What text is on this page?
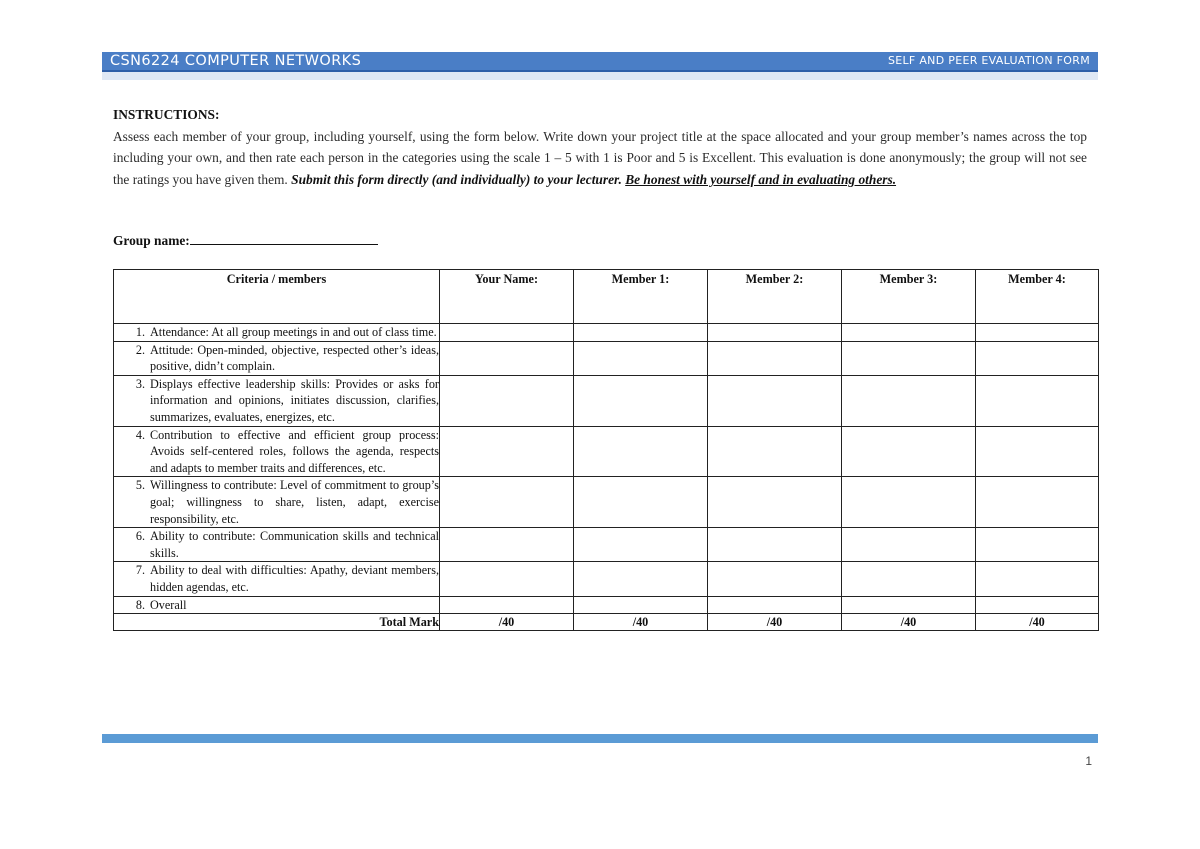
CSN6224 COMPUTER NETWORKS	SELF AND PEER EVALUATION FORM
INSTRUCTIONS:
Assess each member of your group, including yourself, using the form below. Write down your project title at the space allocated and your group member’s names across the top including your own, and then rate each person in the categories using the scale 1 – 5 with 1 is Poor and 5 is Excellent. This evaluation is done anonymously; the group will not see the ratings you have given them. Submit this form directly (and individually) to your lecturer. Be honest with yourself and in evaluating others.
Group name:
Criteria / members	Your Name:	Member 1:	Member 2:	Member 3:	Member 4:

1. Attendance: At all group meetings in and out of class time.					

2. Attitude: Open-minded, objective, respected other’s ideas, positive, didn’t complain.					

3. Displays effective leadership skills: Provides or asks for information and opinions, initiates discussion, clarifies, summarizes, evaluates, energizes, etc.					

4. Contribution to effective and efficient group process: Avoids self-centered roles, follows the agenda, respects and adapts to member traits and differences, etc.					

5. Willingness to contribute: Level of commitment to group’s goal; willingness to share, listen, adapt, exercise responsibility, etc.					

6. Ability to contribute: Communication skills and technical skills.					

7. Ability to deal with difficulties: Apathy, deviant members, hidden agendas, etc.					

8. Overall					

Total Mark	/40	/40	/40	/40	/40
1
